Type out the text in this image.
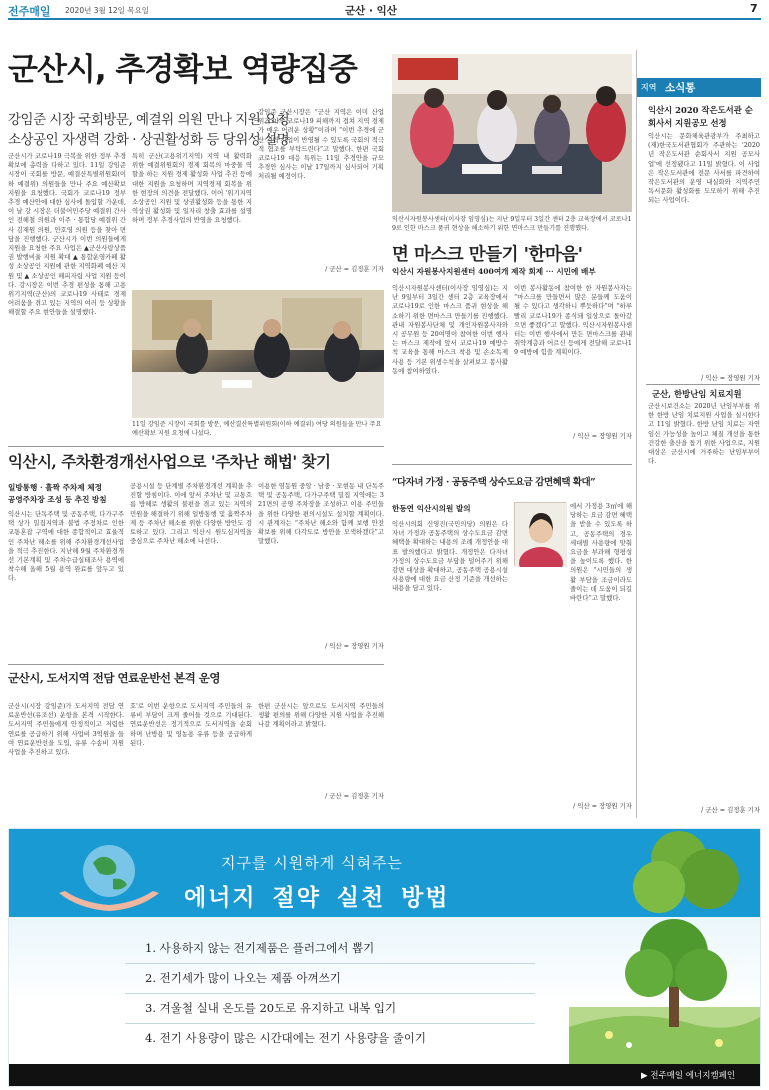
전주매일 2020년 3월 12일 목요일	군산 · 익산	7
군산시, 추경확보 역량집중
강임준 시장 국회방문, 예결위 의원 만나 지원 요청
소상공인 자생력 강화 · 상권활성화 등 당위성 설명
군산시가 코로나19 극복을 위한 정부 추경 확보에 총력을 다하고 있다. 11일 강임준 시장이 국회를 방문, 예결산특별위원회(이하 예결위) 의원들을 만나 주요 예산확보 지원을 요청했다. 국회가 코로나19 정부 추경 예산안에 대한 심사에 돌입할 가운데, 이 날 강 시장은 더불어민주당 예결위 간사인 전해철 의원과 이주 · 통합당 예결위 간사 김재원 의원, 안호영 의원 등을 찾아 면담을 진행했다. 군산시가 이번 의원들에게 지원을 요청한 주요 사업은 ▲군산사랑상품권 발행비율 지원 확대 ▲ 통합운영카페 활성 소상공인 지원에 관한 지역화폐 예산 지원 및 ▲ 소상공인 해피자립 사업 지원 등이다. 강시장은 이번 추경 편성을 통해 고용위기지역(군산)의 코로나19 사태로 경제 어려움을 겪고 있는 지역의 여러 등 상황을 해결할 주요 현안들을 설명했다.
특히 군산(고용위기지역) 지역 내 활력화 위한 예결위원회의 경제 회복의 마중물 역할을 하는 지원 경제 활성화 사업 추진 등에 대한 지원을 요청하며 지역경제 회복을 위한 현장의 의견을 전달했다. 이어 '위기지역 소상공인 지원 및 상권활성화 등을 통한 지역상권 활성화 및 일자리 창출 효과를 설명하며 정부 추경사업의 반영을 요청했다.
강임준 군산시장은 “군산 지역은 이미 산업 위기 이후 코로나19 피해까지 겹쳐 지역 경제가 매우 어려운 상황”이라며 “이번 추경에 군산 지역 사업이 반영될 수 있도록 국회의 적극적 협조를 부탁드린다”고 말했다. 한편 국회 코로나19 대응 특위는 11일 추경안을 규모 추경안 심사는 이날 17일까지 심사되어 기획 처리될 예정이다.
/ 군산 = 김정훈 기자
11일 강임준 시장이 국회를 방문, 예산결산특별위원회(이하 예결위) 여당 의원들을 만나 주요 예산확보 지원 요청에 나섰다.
익산시자원봉사센터(이사장 임영심)는 지난 9일부터 3일간 센터 2층 교육장에서 코로나19로 인한 마스크 품귀 현상을 해소하기 위한 면마스크 만들기를 진행했다.
면 마스크 만들기 '한마음'
익산시 자원봉사지원센터 400여개 제작 회제 ··· 시민에 배부
익산시자원봉사센터(이사장 임영심)는 지난 9일부터 3일간 센터 2층 교육장에서 코로나19로 인한 마스크 품귀 현상을 해소하기 위한 면마스크 만들기를 진행했다. 관내 자원봉사단체 및 개인자원봉사자와 시 공무원 등 20여명이 참여한 이번 행사는 마스크 제작에 앞서 코로나19 예방수칙 교육을 통해 마스크 착용 및 손소독제 사용 등 기본 위생수칙을 살펴보고 봉사활동에 참여하였다.
이번 봉사활동에 참여한 한 자원봉사자는 “마스크를 만들면서 많은 분들께 도움이 될 수 있다고 생각하니 뿌듯하다”며 “하루빨리 코로나19가 종식돼 일상으로 돌아갔으면 좋겠다”고 말했다. 익산시자원봉사센터는 이번 행사에서 만든 면마스크를 관내 취약계층과 어르신 등에게 전달해 코로나19 예방에 힘쓸 계획이다.
/ 익산 = 장영원 기자
익산시, 주차환경개선사업으로 '주차난 해법' 찾기
일방통행 · 흘짝 주차제 체정
공영주차장 조성 등 추진 방침
익산시는 단독주택 및 공동주택, 다가구주택 상가 밀집지역과 불법 주정차로 인한 교통혼잡 구역에 대한 종합적이고 효율적인 주차난 해소를 위해 주차환경개선사업을 적극 추진한다. 지난해 9월 주차환경개선 기본계획 및 주차수급실태조사 용역에 착수해 올해 5월 용역 완료를 앞두고 있다.
공용시설 등 단계별 주차환경개선 계획을 추진할 방침이다. 이에 앞서 주차난 및 교통흐름 방해로 생활의 불편을 겪고 있는 지역의 민원을 해결하기 위해 일방통행 및 흘짝주차제 등 주차난 해소를 위한 다양한 방안도 검토하고 있다. 그리고 익산시 원도심지역을 중심으로 주차난 해소에 나선다.
이용한 염동원 중앙 · 남중 · 모현동 내 단독주택 및 공동주택, 다가구주택 밀집 지역에는 321면의 공영 주차장을 조성하고 이용 주민들을 위한 다양한 편의시설도 설치할 계획이다. 시 관계자는 “주차난 해소와 함께 보행 안전 확보를 위해 다각도로 방안을 모색하겠다”고 말했다.
/ 익산 = 장영원 기자
군산시, 도서지역 전담 연료운반선 본격 운영
군산시(시장 강임준)가 도서지역 전담 연료운반선(유조선) 운항을 본격 시작한다. 도서지역 주민들에게 안정적이고 저렴한 연료를 공급하기 위해 사업비 3억원을 들여 연료운반선을 도입, 유류 수송비 지원 사업을 추진하고 있다.
호'로 이번 운항으로 도서지역 주민들의 유류비 부담이 크게 줄어들 것으로 기대된다. 연료운반선은 정기적으로 도서지역을 순회하며 난방용 및 영농용 유류 등을 공급하게 된다.
한편 군산시는 앞으로도 도서지역 주민들의 생활 편의를 위해 다양한 지원 사업을 추진해 나갈 계획이라고 밝혔다.
/ 군산 = 김정훈 기자
“다자녀 가정 · 공동주택 상수도요금 감면혜택 확대”
한동연 익산시의원 발의
익산시의회 신영진(국민의당) 의원은 다자녀 가정과 공동주택의 상수도요금 감면 혜택을 확대하는 내용의 조례 개정안을 대표 발의했다고 밝혔다. 개정안은 다자녀 가정의 상수도요금 부담을 덜어주기 위해 감면 대상을 확대하고, 공동주택 공용시설 사용량에 대한 요금 산정 기준을 개선하는 내용을 담고 있다.
에서 가정용 3㎥에 해당하는 요금 감면 혜택을 받을 수 있도록 하고, 공동주택의 경우 세대별 사용량에 맞춰 요금을 부과해 형평성을 높이도록 했다. 한 의원은 “시민들의 생활 부담을 조금이라도 줄이는 데 도움이 되길 바란다”고 말했다.
/ 익산 = 장영원 기자
지역 소식통
익산시 2020 작은도서관 순회사서 지원공모 선정
익산시는 문화체육관광부가 주최하고 (재)한국도서관협회가 주관하는 '2020년 작은도서관 순회사서 지원 공모사업'에 선정됐다고 11일 밝혔다. 이 사업은 작은도서관에 전문 사서를 파견하여 작은도서관의 운영 내실화와 지역주민 독서문화 활성화를 도모하기 위해 추진되는 사업이다.
/ 익산 = 장영원 기자
군산, 한방난임 치료지원
군산시보건소는 2020년 난임부부를 위한 한방 난임 치료지원 사업을 실시한다고 11일 밝혔다. 한방 난임 치료는 자연임신 가능성을 높이고 체질 개선을 통한 건강한 출산을 돕기 위한 사업으로, 지원 대상은 군산시에 거주하는 난임부부이다.
/ 군산 = 김정훈 기자
지구를 시원하게 식혀주는
에너지 절약 실천 방법
1. 사용하지 않는 전기제품은 플러그에서 뽑기
2. 전기세가 많이 나오는 제품 아껴쓰기
3. 겨울철 실내 온도를 20도로 유지하고 내복 입기
4. 전기 사용량이 많은 시간대에는 전기 사용량을 줄이기
▶ 전주매일 에너지캠페인
